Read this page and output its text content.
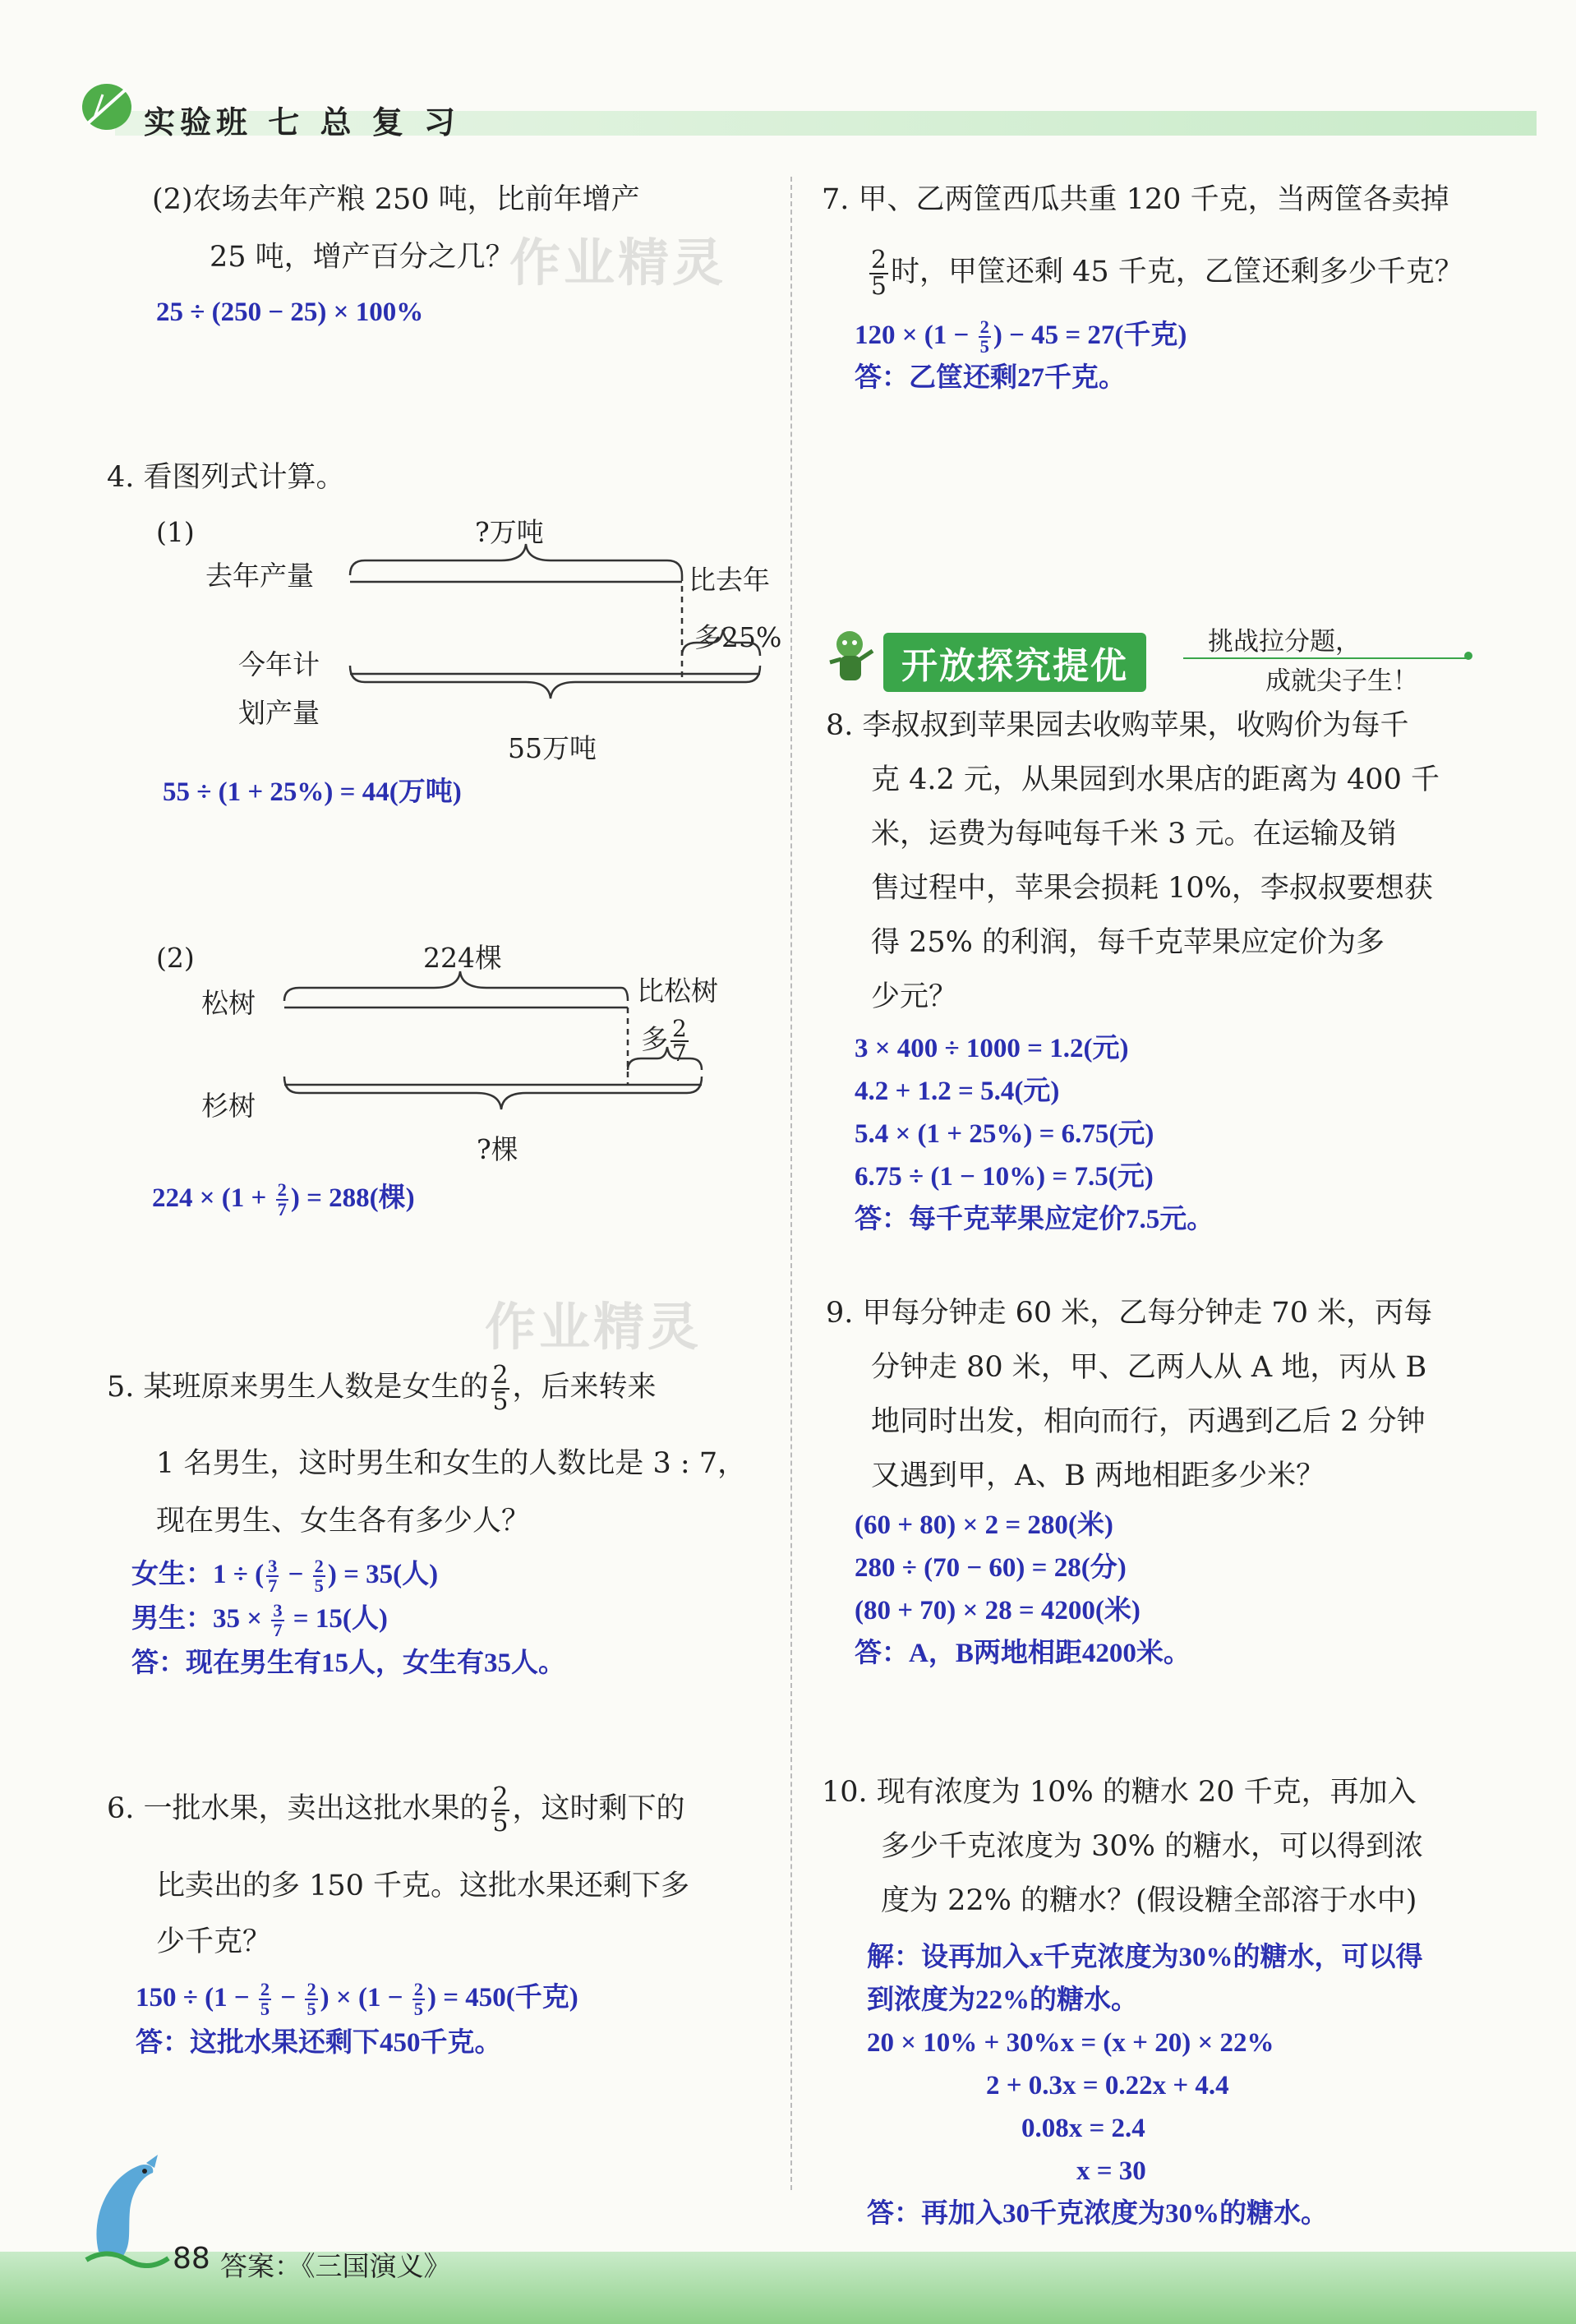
实验班 七 总 复 习
(2)农场去年产粮 250 吨，比前年增产
25 吨，增产百分之几？
25 ÷ (250 − 25) × 100%
作业精灵
4. 看图列式计算。
(1)	?万吨
去年产量
今年计
划产量
比去年
多25%
55万吨
55 ÷ (1 + 25%) = 44(万吨)
(2)	224棵
松树
杉树
比松树
多 $\frac{2}{7}$
?棵
$224 \times (1 + \frac{2}{7}$ ) = 288(棵)
作业精灵
5. 某班原来男生人数是女生的 $\frac{2}{5}$ ，后来转来
1 名男生，这时男生和女生的人数比是 3 : 7，
现在男生、女生各有多少人？
女生：1 ÷ ( $\frac{3}{7} - \frac{2}{5}$ ) = 35(人)
男生：$35 \times \frac{3}{7} = 15$(人)
答：现在男生有15人，女生有35人。
6. 一批水果，卖出这批水果的 $\frac{2}{5}$ ，这时剩下的
比卖出的多 150 千克。这批水果还剩下多
少千克？
$150 \div (1 - \frac{2}{5} - \frac{2}{5}$ ) × ($1 - \frac{2}{5}$ ) = 450(千克)
答：这批水果还剩下450千克。
7. 甲、乙两筐西瓜共重 120 千克，当两筐各卖掉
$\frac{2}{5}$ 时，甲筐还剩 45 千克，乙筐还剩多少千克？
$120 \times (1 - \frac{2}{5}$ ) − 45 = 27(千克)
答：乙筐还剩27千克。
开放探究提优
挑战拉分题，
成就尖子生！
8. 李叔叔到苹果园去收购苹果，收购价为每千
克 4.2 元，从果园到水果店的距离为 400 千
米，运费为每吨每千米 3 元。在运输及销
售过程中，苹果会损耗 10%，李叔叔要想获
得 25% 的利润，每千克苹果应定价为多
少元？
3 × 400 ÷ 1000 = 1.2(元)
4.2 + 1.2 = 5.4(元)
5.4 × (1 + 25%) = 6.75(元)
6.75 ÷ (1 − 10%) = 7.5(元)
答：每千克苹果应定价7.5元。
9. 甲每分钟走 60 米，乙每分钟走 70 米，丙每
分钟走 80 米，甲、乙两人从 A 地，丙从 B
地同时出发，相向而行，丙遇到乙后 2 分钟
又遇到甲，A、B 两地相距多少米？
(60 + 80) × 2 = 280(米)
280 ÷ (70 − 60) = 28(分)
(80 + 70) × 28 = 4200(米)
答：A，B两地相距4200米。
10. 现有浓度为 10% 的糖水 20 千克，再加入
多少千克浓度为 30% 的糖水，可以得到浓
度为 22% 的糖水？(假设糖全部溶于水中)
解：设再加入x千克浓度为30%的糖水，可以得
到浓度为22%的糖水。
20 × 10% + 30%x = (x + 20) × 22%
2 + 0.3x = 0.22x + 4.4
0.08x = 2.4
x = 30
答：再加入30千克浓度为30%的糖水。
88 答案：《三国演义》
